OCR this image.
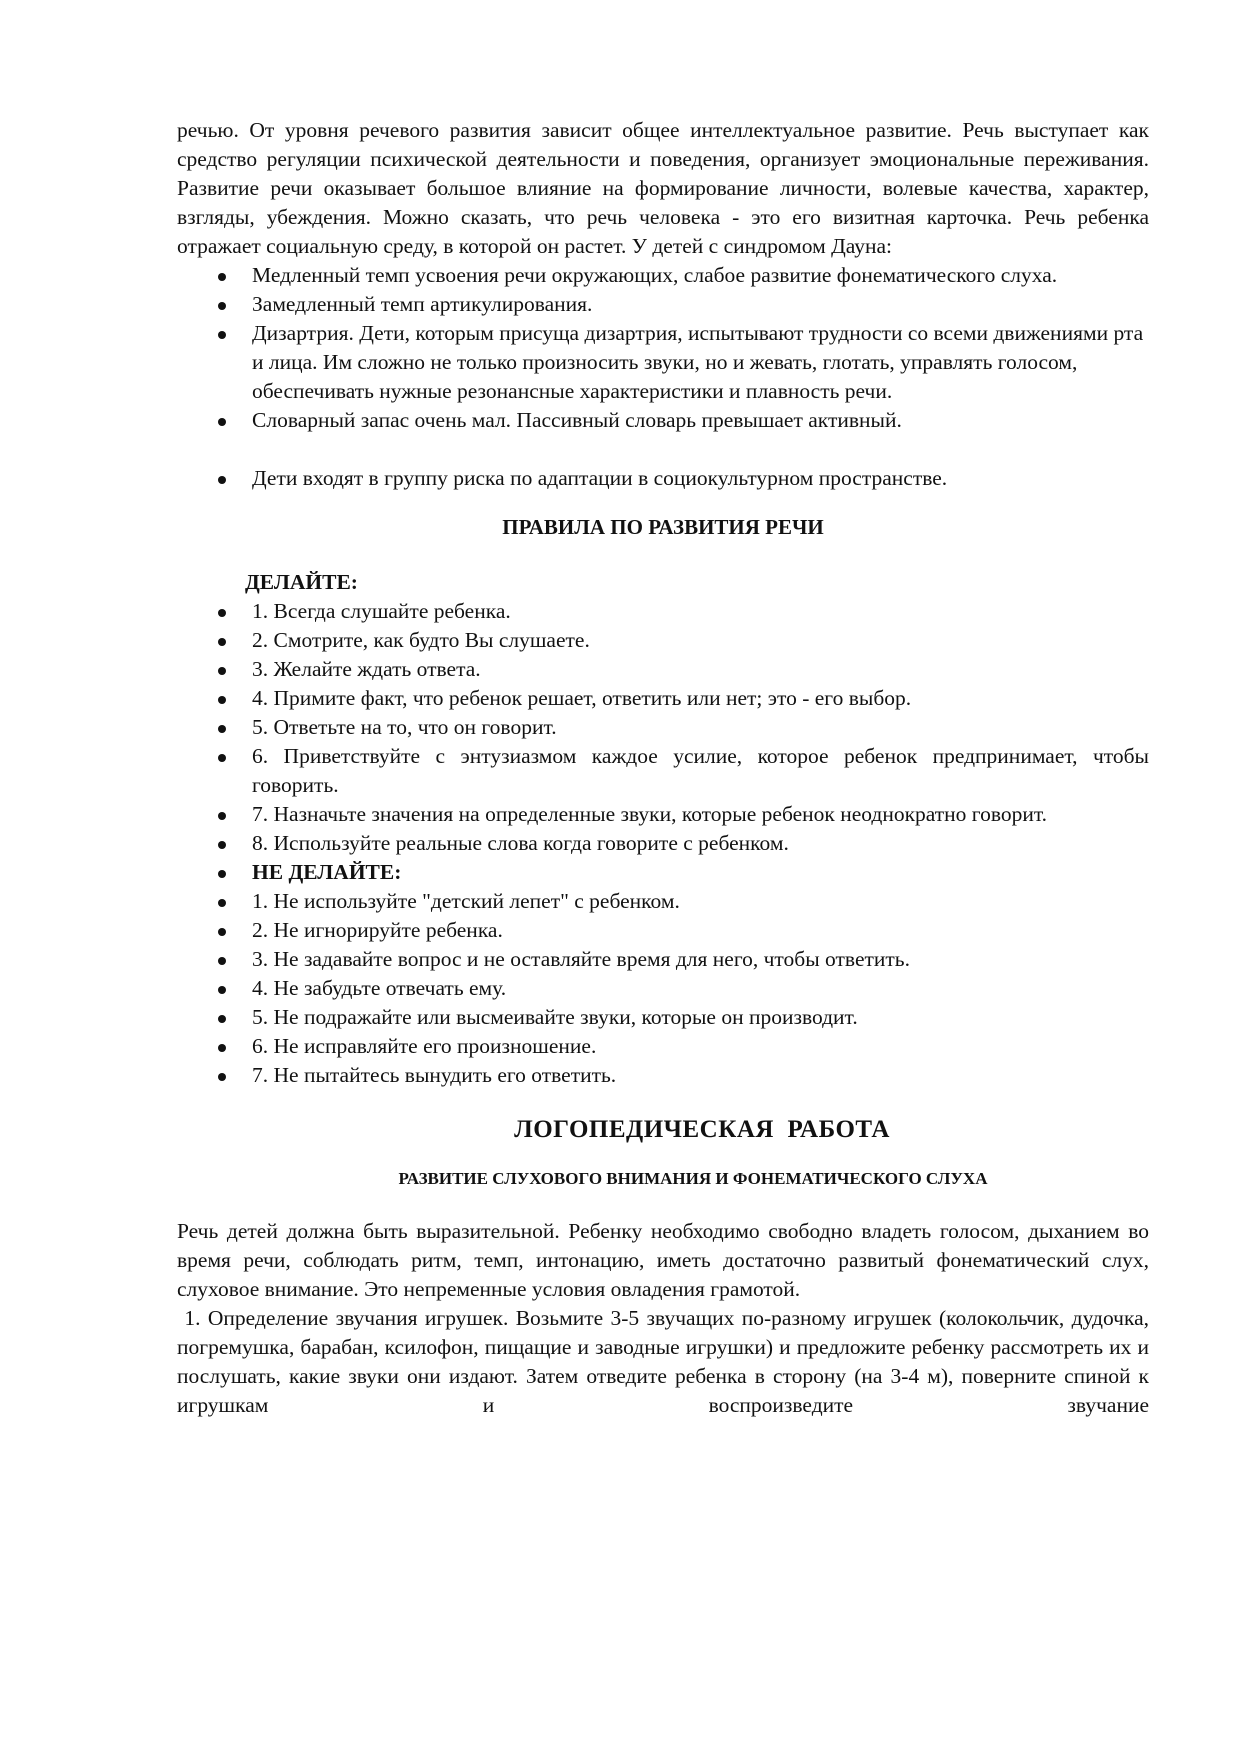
речью. От уровня речевого развития зависит общее интеллектуальное развитие. Речь выступает как средство регуляции психической деятельности и поведения, организует эмоциональные переживания. Развитие речи оказывает большое влияние на формирование личности, волевые качества, характер, взгляды, убеждения. Можно сказать, что речь человека - это его визитная карточка. Речь ребенка отражает социальную среду, в которой он растет. У детей с синдромом Дауна:

Медленный темп усвоения речи окружающих, слабое развитие фонематического слуха.
Замедленный темп артикулирования.
Дизартрия. Дети, которым присуща дизартрия, испытывают трудности со всеми движениями рта и лица. Им сложно не только произносить звуки, но и жевать, глотать, управлять голосом, обеспечивать нужные резонансные характеристики и плавность речи.
Словарный запас очень мал. Пассивный словарь превышает активный.
Дети входят в группу риска по адаптации в социокультурном пространстве.
ПРАВИЛА ПО РАЗВИТИЯ РЕЧИ
ДЕЛАЙТЕ:
1. Всегда слушайте ребенка.
2. Смотрите, как будто Вы слушаете.
3. Желайте ждать ответа.
4. Примите факт, что ребенок решает, ответить или нет; это - его выбор.
5. Ответьте на то, что он говорит.
6. Приветствуйте с энтузиазмом каждое усилие, которое ребенок предпринимает, чтобы говорить.
7. Назначьте значения на определенные звуки, которые ребенок неоднократно говорит.
8. Используйте реальные слова когда говорите с ребенком.
НЕ ДЕЛАЙТЕ:
1. Не используйте "детский лепет" с ребенком.
2. Не игнорируйте ребенка.
3. Не задавайте вопрос и не оставляйте время для него, чтобы ответить.
4. Не забудьте отвечать ему.
5. Не подражайте или высмеивайте звуки, которые он производит.
6. Не исправляйте его произношение.
7. Не пытайтесь вынудить его ответить.
ЛОГОПЕДИЧЕСКАЯ  РАБОТА
РАЗВИТИЕ СЛУХОВОГО ВНИМАНИЯ И ФОНЕМАТИЧЕСКОГО СЛУХА

Речь детей должна быть выразительной. Ребенку необходимо свободно владеть голосом, дыханием во время речи, соблюдать ритм, темп, интонацию, иметь достаточно развитый фонематический слух, слуховое внимание. Это непременные условия овладения грамотой.

1. Определение звучания игрушек. Возьмите 3-5 звучащих по-разному игрушек (колокольчик, дудочка, погремушка, барабан, ксилофон, пищащие и заводные игрушки) и предложите ребенку рассмотреть их и послушать, какие звуки они издают. Затем отведите ребенка в сторону (на 3-4 м), поверните спиной к игрушкам и воспроизведите звучание
